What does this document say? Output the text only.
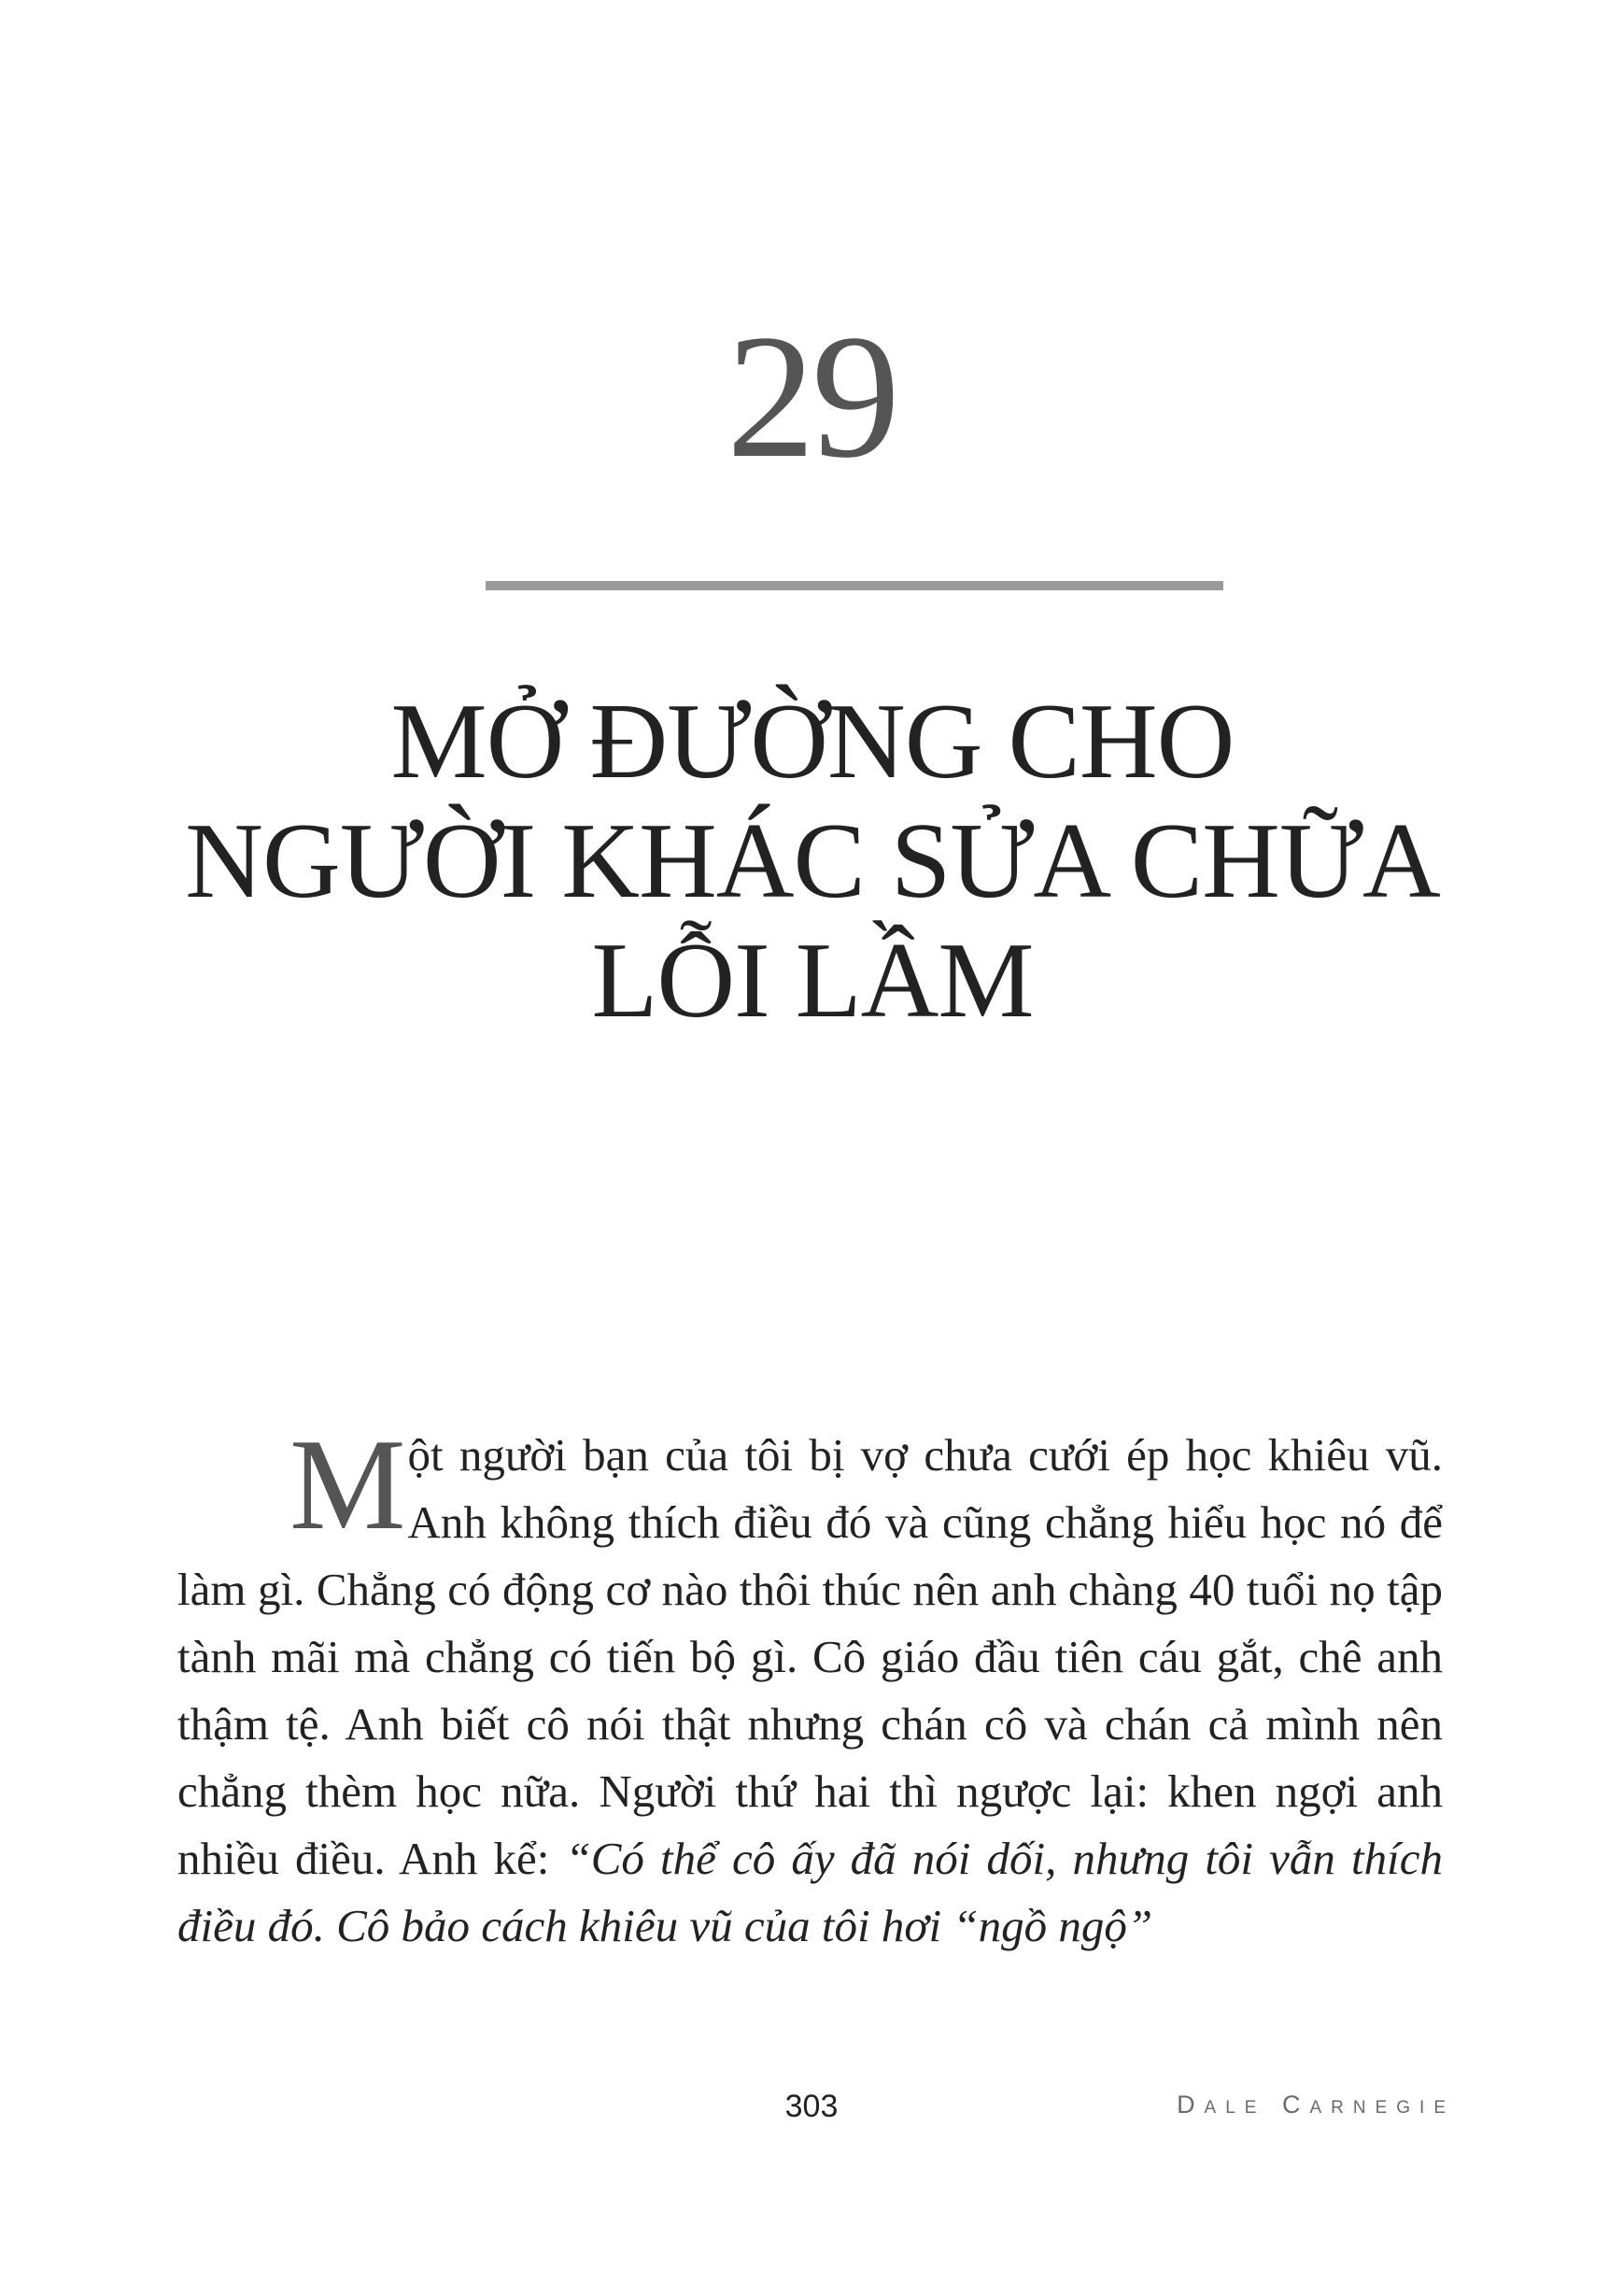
29
MỞ ĐƯỜNG CHO
NGƯỜI KHÁC SỬA CHỮA
LỖI LẦM
Một người bạn của tôi bị vợ chưa cưới ép học khiêu vũ. Anh không thích điều đó và cũng chẳng hiểu học nó để làm gì. Chẳng có động cơ nào thôi thúc nên anh chàng 40 tuổi nọ tập tành mãi mà chẳng có tiến bộ gì. Cô giáo đầu tiên cáu gắt, chê anh thậm tệ. Anh biết cô nói thật nhưng chán cô và chán cả mình nên chẳng thèm học nữa. Người thứ hai thì ngược lại: khen ngợi anh nhiều điều. Anh kể: “Có thể cô ấy đã nói dối, nhưng tôi vẫn thích điều đó. Cô bảo cách khiêu vũ của tôi hơi “ngồ ngộ”
303	Dale Carnegie
